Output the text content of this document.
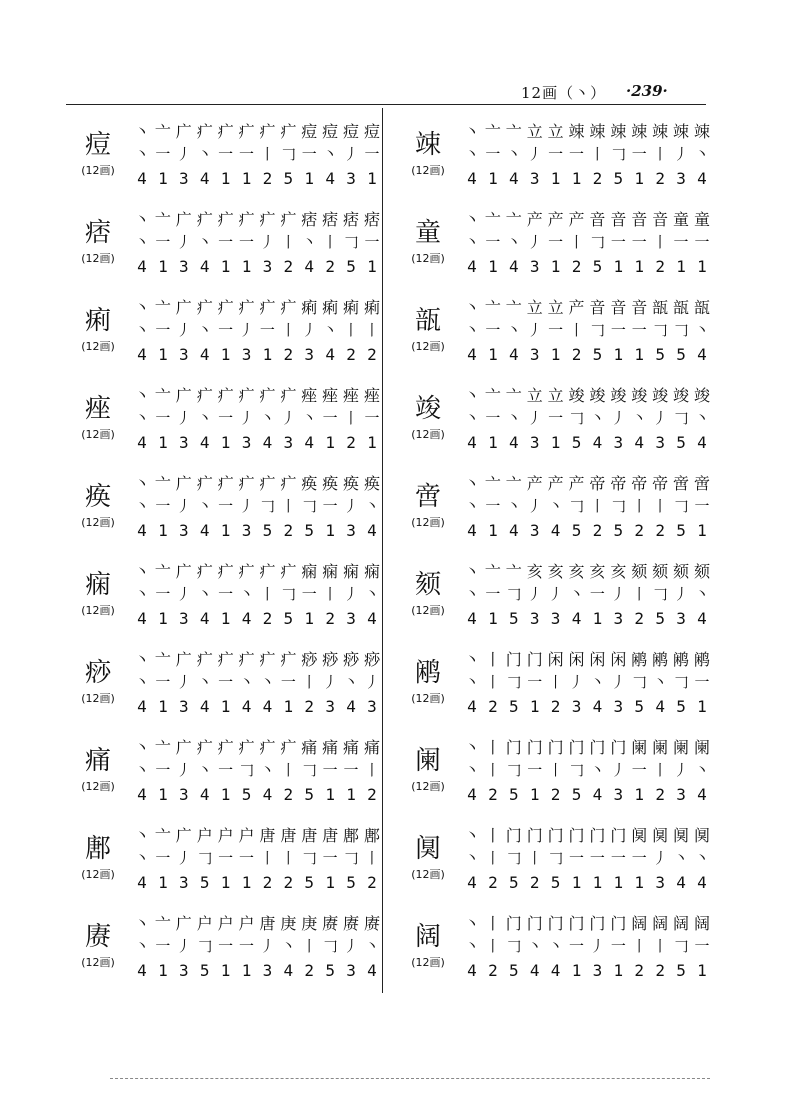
12画（丶） ·239·
痘
(12画)
丶 亠 广 疒 疒 疒 疒 疒 痘 痘 痘 痘
丶 一 丿 丶 一 一 丨 𠃌 一 丶 丿 一
4 1 3 4 1 1 2 5 1 4 3 1
痞
(12画)
丶 亠 广 疒 疒 疒 疒 疒 痞 痞 痞 痞
丶 一 丿 丶 一 一 丿 丨 丶 丨 𠃌 一
4 1 3 4 1 1 3 2 4 2 5 1
痢
(12画)
丶 亠 广 疒 疒 疒 疒 疒 痢 痢 痢 痢
丶 一 丿 丶 一 丿 一 丨 丿 丶 丨 丨
4 1 3 4 1 3 1 2 3 4 2 2
痤
(12画)
丶 亠 广 疒 疒 疒 疒 疒 痤 痤 痤 痤
丶 一 丿 丶 一 丿 丶 丿 丶 一 丨 一
4 1 3 4 1 3 4 3 4 1 2 1
痪
(12画)
丶 亠 广 疒 疒 疒 疒 疒 痪 痪 痪 痪
丶 一 丿 丶 一 丿 𠃌 丨 𠃌 一 丿 丶
4 1 3 4 1 3 5 2 5 1 3 4
痫
(12画)
丶 亠 广 疒 疒 疒 疒 疒 痫 痫 痫 痫
丶 一 丿 丶 一 丶 丨 𠃌 一 丨 丿 丶
4 1 3 4 1 4 2 5 1 2 3 4
痧
(12画)
丶 亠 广 疒 疒 疒 疒 疒 痧 痧 痧 痧
丶 一 丿 丶 一 丶 丶 一 丨 丿 丶 丿
4 1 3 4 1 4 4 1 2 3 4 3
痛
(12画)
丶 亠 广 疒 疒 疒 疒 疒 痛 痛 痛 痛
丶 一 丿 丶 一 𠃌 丶 丨 𠃌 一 一 丨
4 1 3 4 1 5 4 2 5 1 1 2
鄌
(12画)
丶 亠 广 户 户 户 唐 唐 唐 唐 鄌 鄌
丶 一 丿 𠃌 一 一 丨 丨 𠃌 一 𠃌 丨
4 1 3 5 1 1 2 2 5 1 5 2
赓
(12画)
丶 亠 广 户 户 户 唐 庚 庚 赓 赓 赓
丶 一 丿 𠃌 一 一 丿 丶 丨 𠃌 丿 丶
4 1 3 5 1 1 3 4 2 5 3 4
竦
(12画)
丶 亠 亠 立 立 竦 竦 竦 竦 竦 竦 竦
丶 一 丶 丿 一 一 丨 𠃌 一 丨 丿 丶
4 1 4 3 1 1 2 5 1 2 3 4
童
(12画)
丶 亠 亠 产 产 产 音 音 音 音 童 童
丶 一 丶 丿 一 丨 𠃌 一 一 丨 一 一
4 1 4 3 1 2 5 1 1 2 1 1
瓿
(12画)
丶 亠 亠 立 立 产 音 音 音 瓿 瓿 瓿
丶 一 丶 丿 一 丨 𠃌 一 一 𠃌 𠃌 丶
4 1 4 3 1 2 5 1 1 5 5 4
竣
(12画)
丶 亠 亠 立 立 竣 竣 竣 竣 竣 竣 竣
丶 一 丶 丿 一 𠃌 丶 丿 丶 丿 𠃌 丶
4 1 4 3 1 5 4 3 4 3 5 4
啻
(12画)
丶 亠 亠 产 产 产 帝 帝 帝 帝 啻 啻
丶 一 丶 丿 丶 𠃌 丨 𠃌 丨 丨 𠃌 一
4 1 4 3 4 5 2 5 2 2 5 1
颏
(12画)
丶 亠 亠 亥 亥 亥 亥 亥 颏 颏 颏 颏
丶 一 𠃌 丿 丿 丶 一 丿 丨 𠃌 丿 丶
4 1 5 3 3 4 1 3 2 5 3 4
鹇
(12画)
丶 丨 门 门 闲 闲 闲 闲 鹇 鹇 鹇 鹇
丶 丨 𠃌 一 丨 丿 丶 丿 𠃌 丶 𠃌 一
4 2 5 1 2 3 4 3 5 4 5 1
阑
(12画)
丶 丨 门 门 门 门 门 门 阑 阑 阑 阑
丶 丨 𠃌 一 丨 𠃌 丶 丿 一 丨 丿 丶
4 2 5 1 2 5 4 3 1 2 3 4
阒
(12画)
丶 丨 门 门 门 门 门 门 阒 阒 阒 阒
丶 丨 𠃌 丨 𠃌 一 一 一 一 丿 丶 丶
4 2 5 2 5 1 1 1 1 3 4 4
阔
(12画)
丶 丨 门 门 门 门 门 门 阔 阔 阔 阔
丶 丨 𠃌 丶 丶 一 丿 一 丨 丨 𠃌 一
4 2 5 4 4 1 3 1 2 2 5 1
